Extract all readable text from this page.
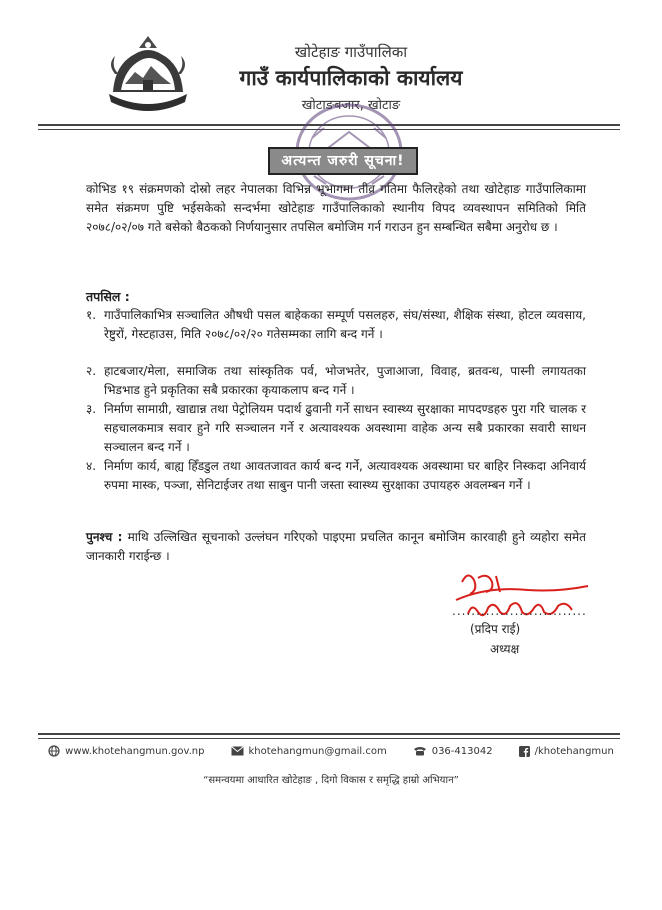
खोटेहाङ गाउँपालिका
गाउँ कार्यपालिकाको कार्यालय
खोटाङबजार, खोटाङ
अत्यन्त जरुरी सूचना!
कोभिड १९ संक्रमणको दोस्रो लहर नेपालका विभिन्न भूभागमा तीव्र गतिमा फैलिरहेको तथा खोटेहाङ गाउँपालिकामा समेत संक्रमण पुष्टि भईसकेको सन्दर्भमा खोटेहाङ गाउँपालिकाको स्थानीय विपद व्यवस्थापन समितिको मिति २०७८/०२/०७ गते बसेको बैठकको निर्णयानुसार तपसिल बमोजिम गर्न गराउन हुन सम्बन्धित सबैमा अनुरोध छ ।
तपसिल :
१. गाउँपालिकाभित्र सञ्चालित औषधी पसल बाहेकका सम्पूर्ण पसलहरु, संघ/संस्था, शैक्षिक संस्था, होटल व्यवसाय, रेष्टुरों, गेस्टहाउस, मिति २०७८/०२/२० गतेसम्मका लागि बन्द गर्ने ।
२. हाटबजार/मेला, समाजिक तथा सांस्कृतिक पर्व, भोजभतेर, पुजाआजा, विवाह, ब्रतवन्ध, पास्नी लगायतका भिडभाड हुने प्रकृतिका सबै प्रकारका कृयाकलाप बन्द गर्ने ।
३. निर्माण सामाग्री, खाद्यान्न तथा पेट्रोलियम पदार्थ ढुवानी गर्ने साधन स्वास्थ्य सुरक्षाका मापदण्डहरु पुरा गरि चालक र सहचालकमात्र सवार हुने गरि सञ्चालन गर्ने र अत्यावश्यक अवस्थामा वाहेक अन्य सबै प्रकारका सवारी साधन सञ्चालन बन्द गर्ने ।
४. निर्माण कार्य, बाह्य हिँडडुल तथा आवतजावत कार्य बन्द गर्ने, अत्यावश्यक अवस्थामा घर बाहिर निस्कदा अनिवार्य रुपमा मास्क, पञ्जा, सेनिटाईजर तथा साबुन पानी जस्ता स्वास्थ्य सुरक्षाका उपायहरु अवलम्बन गर्ने ।
पुनश्च : माथि उल्लिखित सूचनाको उल्लंघन गरिएको पाइएमा प्रचलित कानून बमोजिम कारवाही हुने व्यहोरा समेत जानकारी गराईन्छ ।
............................
(प्रदिप राई)
अध्यक्ष
www.khotehangmun.gov.np	khotehangmun@gmail.com	036-413042	/khotehangmun
“समन्वयमा आधारित खोटेहाङ , दिगो विकास र समृद्धि हाम्रो अभियान”
